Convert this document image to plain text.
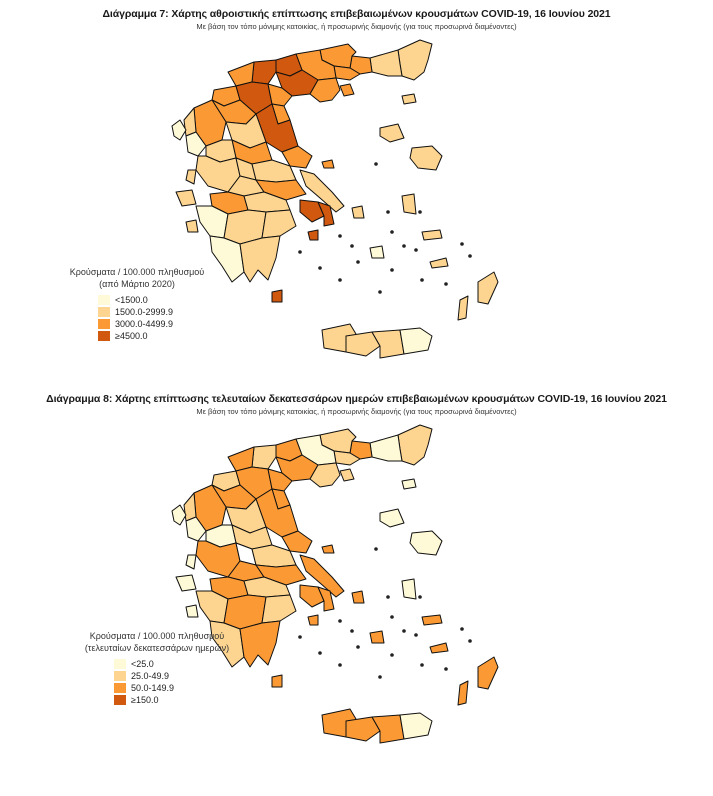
Διάγραμμα 7: Χάρτης αθροιστικής επίπτωσης επιβεβαιωμένων κρουσμάτων COVID-19, 16 Ιουνίου 2021
Με βάση τον τόπο μόνιμης κατοικίας, ή προσωρινής διαμονής (για τους προσωρινά διαμένοντες)
Κρούσματα / 100.000 πληθυσμού
(από Μάρτιο 2020)
<1500.0
1500.0-2999.9
3000.0-4499.9
≥4500.0
Διάγραμμα 8: Χάρτης επίπτωσης τελευταίων δεκατεσσάρων ημερών επιβεβαιωμένων κρουσμάτων COVID-19, 16 Ιουνίου 2021
Με βάση τον τόπο μόνιμης κατοικίας, ή προσωρινής διαμονής (για τους προσωρινά διαμένοντες)
Κρούσματα / 100.000 πληθυσμού
(τελευταίων δεκατεσσάρων ημερών)
<25.0
25.0-49.9
50.0-149.9
≥150.0
